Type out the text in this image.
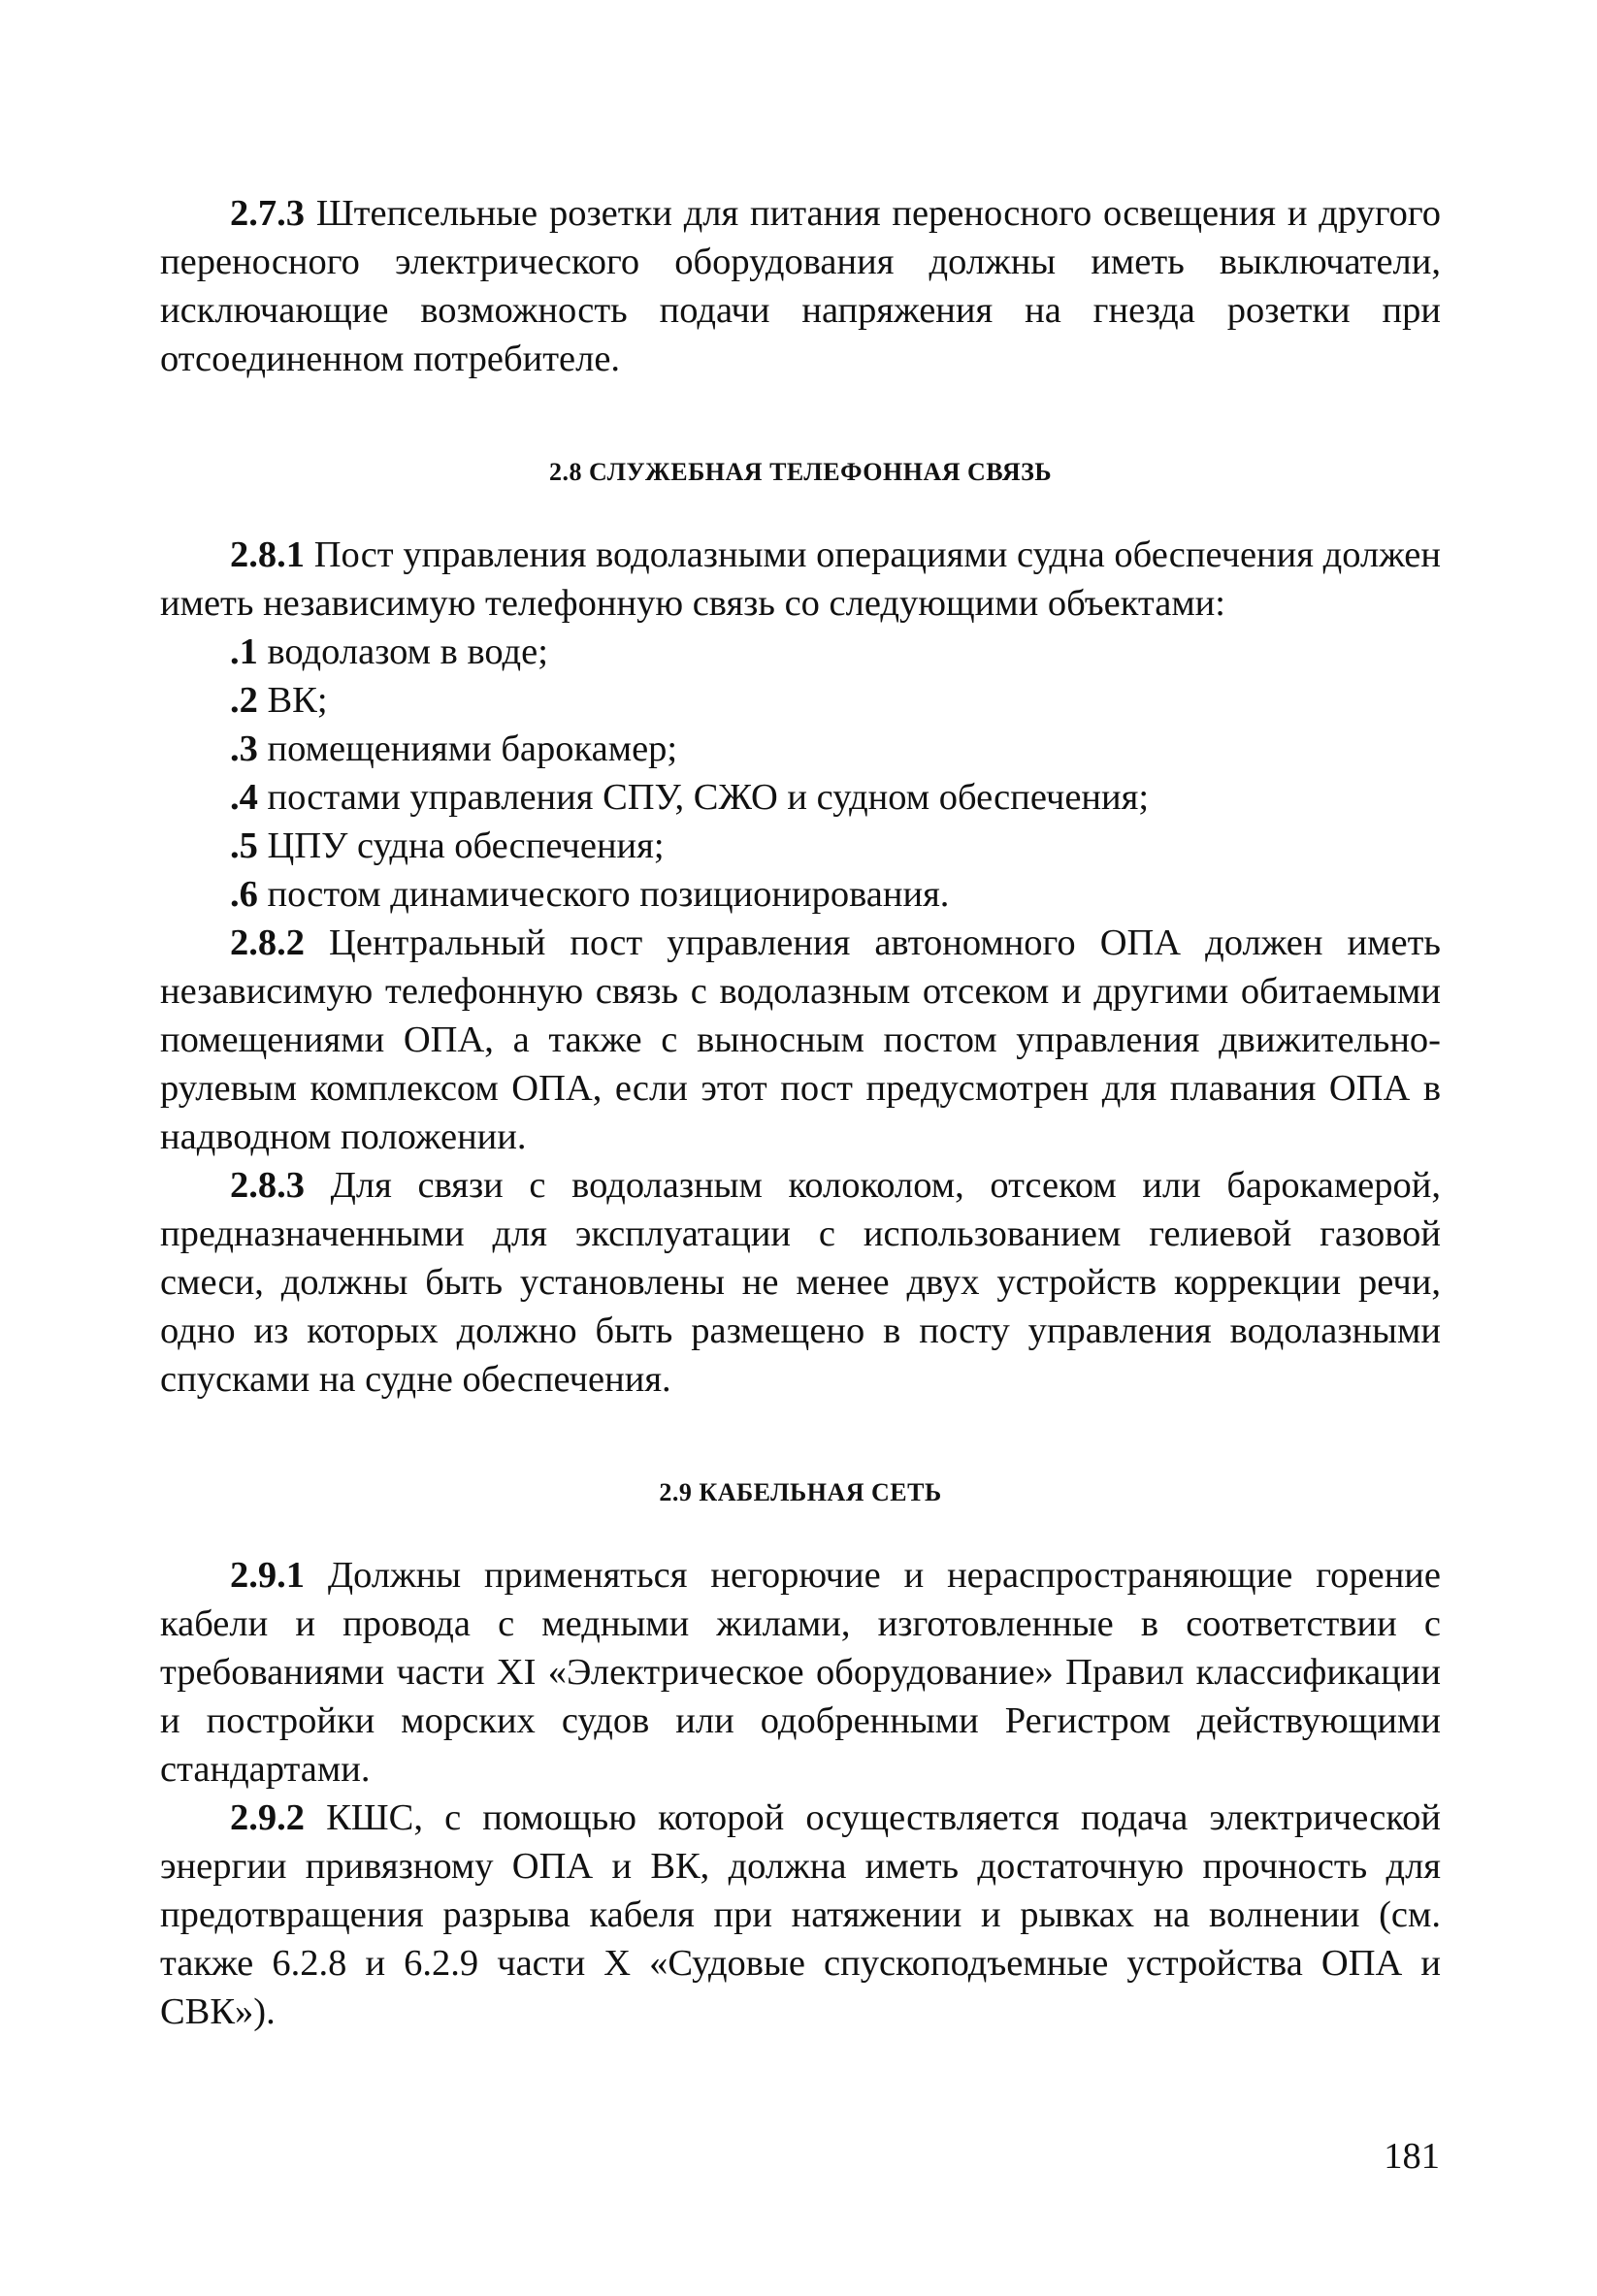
2.7.3 Штепсельные розетки для питания переносного освещения и другого переносного электрического оборудования должны иметь выключатели, исключающие возможность подачи напряжения на гнезда розетки при отсоединенном потребителе.

2.8 СЛУЖЕБНАЯ ТЕЛЕФОННАЯ СВЯЗЬ

2.8.1 Пост управления водолазными операциями судна обеспечения должен иметь независимую телефонную связь со следующими объектами:

.1 водолазом в воде;

.2 ВК;

.3 помещениями барокамер;

.4 постами управления СПУ, СЖО и судном обеспечения;

.5 ЦПУ судна обеспечения;

.6 постом динамического позиционирования.

2.8.2 Центральный пост управления автономного ОПА должен иметь независимую телефонную связь с водолазным отсеком и другими обитаемыми помещениями ОПА, а также с выносным постом управления движительно-рулевым комплексом ОПА, если этот пост предусмотрен для плавания ОПА в надводном положении.

2.8.3 Для связи с водолазным колоколом, отсеком или барокамерой, предназначенными для эксплуатации с использованием гелиевой газовой смеси, должны быть установлены не менее двух устройств коррекции речи, одно из которых должно быть размещено в посту управления водолазными спусками на судне обеспечения.

2.9 КАБЕЛЬНАЯ СЕТЬ

2.9.1 Должны применяться негорючие и нераспространяющие горение кабели и провода с медными жилами, изготовленные в соответствии с требованиями части XI «Электрическое оборудование» Правил классификации и постройки морских судов или одобренными Регистром действующими стандартами.

2.9.2 КШС, с помощью которой осуществляется подача электрической энергии привязному ОПА и ВК, должна иметь достаточную прочность для предотвращения разрыва кабеля при натяжении и рывках на волнении (см. также 6.2.8 и 6.2.9 части X «Судовые спускоподъемные устройства ОПА и СВК»).

181
